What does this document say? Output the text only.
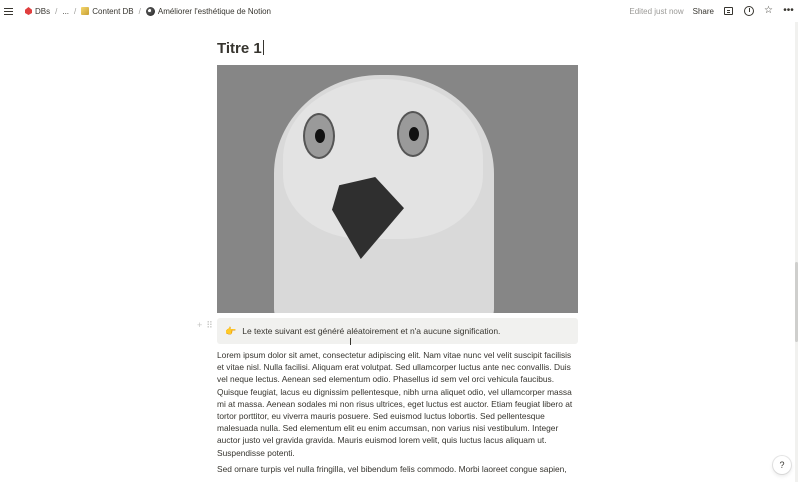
DBs / ... / Content DB / Améliorer l'esthétique de Notion	Edited just now Share	☆ •••
Titre 1
+ ⠿
👉 Le texte suivant est généré aléatoirement et n'a aucune signification.

Lorem ipsum dolor sit amet, consectetur adipiscing elit. Nam vitae nunc vel velit suscipit facilisis et vitae nisl. Nulla facilisi. Aliquam erat volutpat. Sed ullamcorper luctus ante nec convallis. Duis vel neque lectus. Aenean sed elementum odio. Phasellus id sem vel orci vehicula faucibus. Quisque feugiat, lacus eu dignissim pellentesque, nibh urna aliquet odio, vel ullamcorper massa mi at massa. Aenean sodales mi non risus ultrices, eget luctus est auctor. Etiam feugiat libero at tortor porttitor, eu viverra mauris posuere. Sed euismod luctus lobortis. Sed pellentesque malesuada nulla. Sed elementum elit eu enim accumsan, non varius nisi vestibulum. Integer auctor justo vel gravida gravida. Mauris euismod lorem velit, quis luctus lacus aliquam ut. Suspendisse potenti.

Sed ornare turpis vel nulla fringilla, vel bibendum felis commodo. Morbi laoreet congue sapien,	?
